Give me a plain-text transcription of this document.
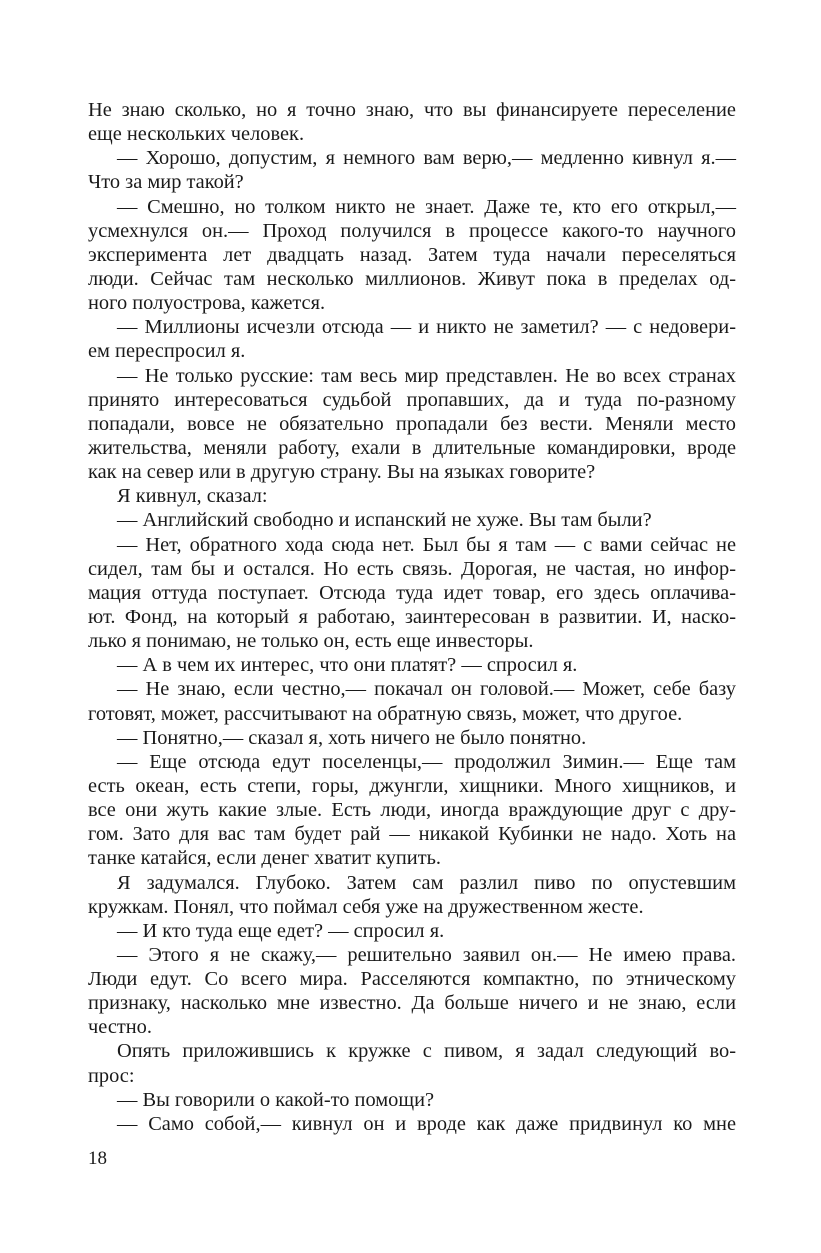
Не знаю сколько, но я точно знаю, что вы финансируете переселение
еще нескольких человек.
— Хорошо, допустим, я немного вам верю,— медленно кивнул я.—
Что за мир такой?
— Смешно, но толком никто не знает. Даже те, кто его открыл,—
усмехнулся он.— Проход получился в процессе какого-то научного
эксперимента лет двадцать назад. Затем туда начали переселяться
люди. Сейчас там несколько миллионов. Живут пока в пределах од-
ного полуострова, кажется.
— Миллионы исчезли отсюда — и никто не заметил? — с недовери-
ем переспросил я.
— Не только русские: там весь мир представлен. Не во всех странах
принято интересоваться судьбой пропавших, да и туда по-разному
попадали, вовсе не обязательно пропадали без вести. Меняли место
жительства, меняли работу, ехали в длительные командировки, вроде
как на север или в другую страну. Вы на языках говорите?
Я кивнул, сказал:
— Английский свободно и испанский не хуже. Вы там были?
— Нет, обратного хода сюда нет. Был бы я там — с вами сейчас не
сидел, там бы и остался. Но есть связь. Дорогая, не частая, но инфор-
мация оттуда поступает. Отсюда туда идет товар, его здесь оплачива-
ют. Фонд, на который я работаю, заинтересован в развитии. И, наско-
лько я понимаю, не только он, есть еще инвесторы.
— А в чем их интерес, что они платят? — спросил я.
— Не знаю, если честно,— покачал он головой.— Может, себе базу
готовят, может, рассчитывают на обратную связь, может, что другое.
— Понятно,— сказал я, хоть ничего не было понятно.
— Еще отсюда едут поселенцы,— продолжил Зимин.— Еще там
есть океан, есть степи, горы, джунгли, хищники. Много хищников, и
все они жуть какие злые. Есть люди, иногда враждующие друг с дру-
гом. Зато для вас там будет рай — никакой Кубинки не надо. Хоть на
танке катайся, если денег хватит купить.
Я задумался. Глубоко. Затем сам разлил пиво по опустевшим
кружкам. Понял, что поймал себя уже на дружественном жесте.
— И кто туда еще едет? — спросил я.
— Этого я не скажу,— решительно заявил он.— Не имею права.
Люди едут. Со всего мира. Расселяются компактно, по этническому
признаку, насколько мне известно. Да больше ничего и не знаю, если
честно.
Опять приложившись к кружке с пивом, я задал следующий во-
прос:
— Вы говорили о какой-то помощи?
— Само собой,— кивнул он и вроде как даже придвинул ко мне
18
